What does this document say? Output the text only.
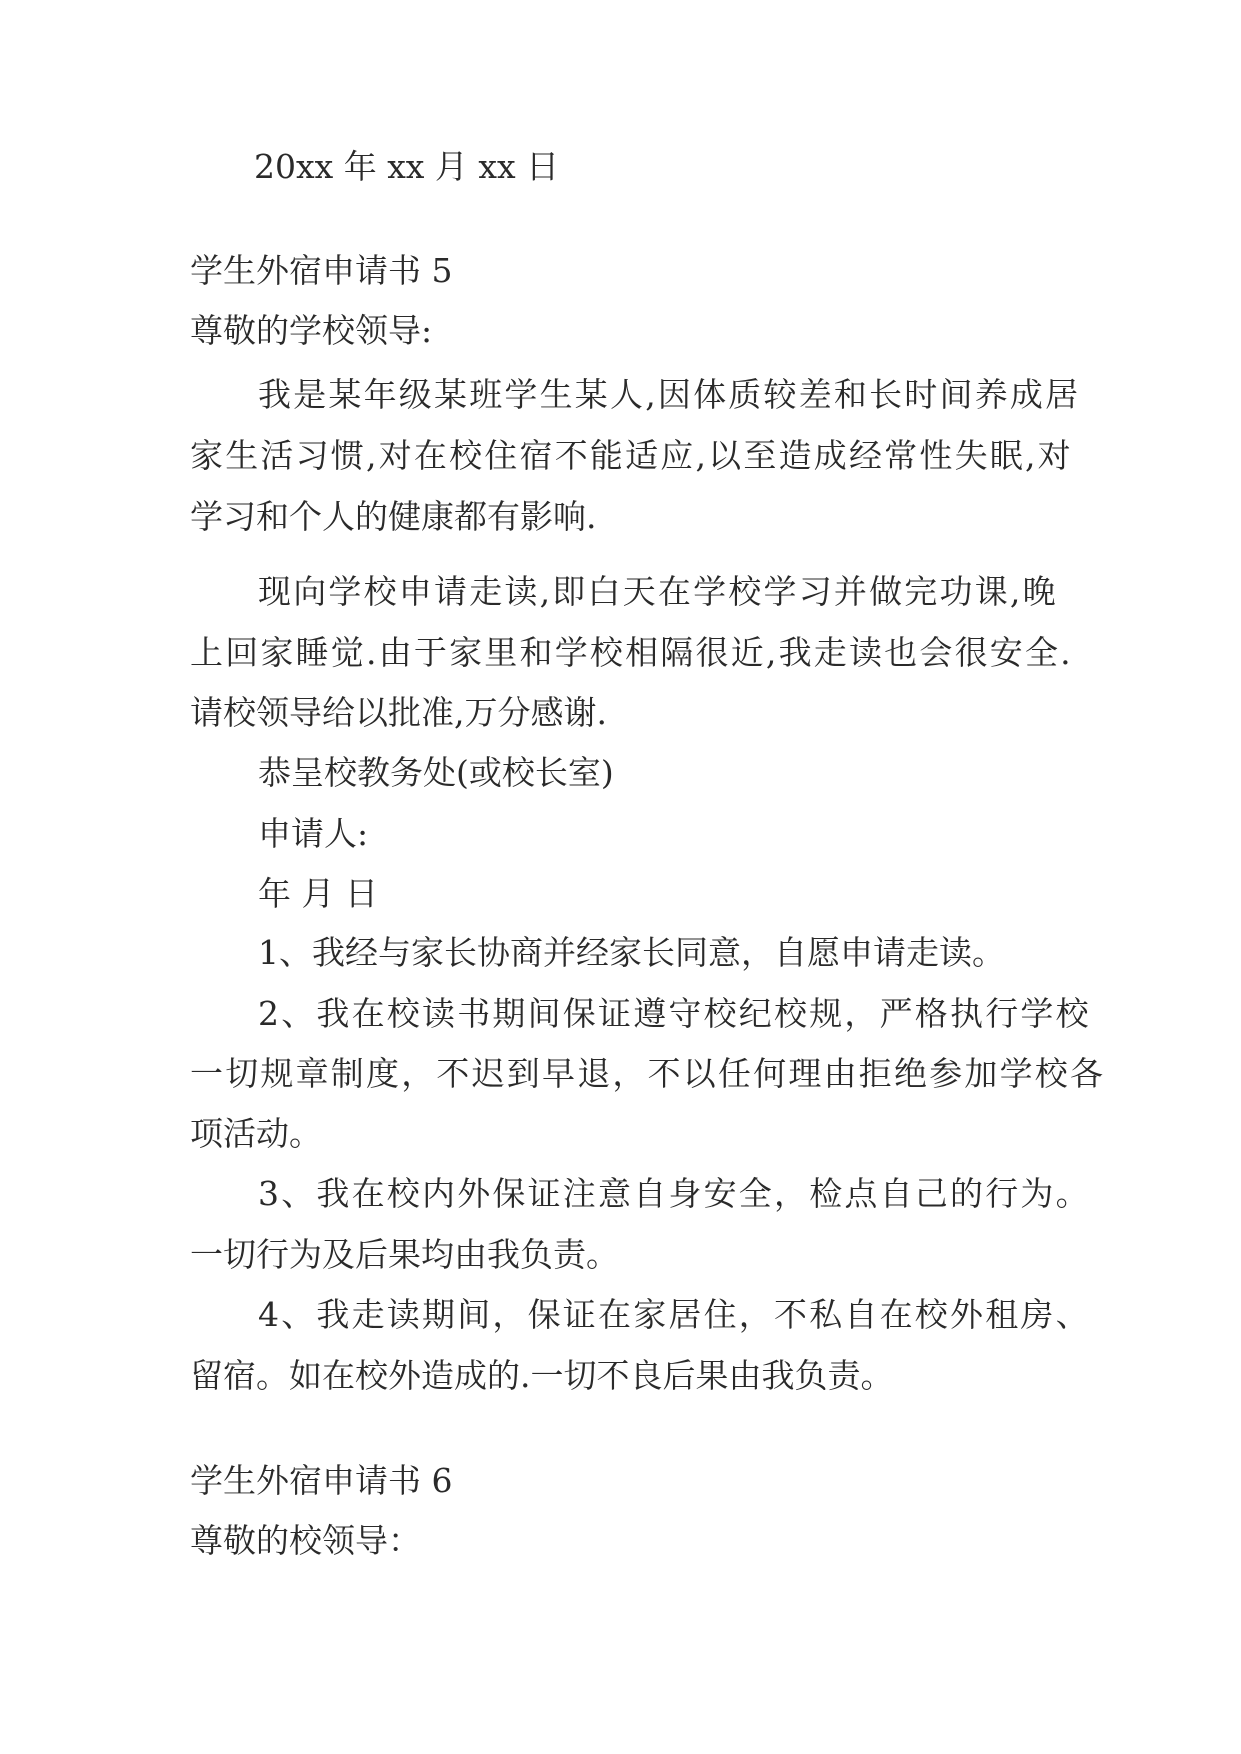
20xx 年 xx 月 xx 日
学生外宿申请书 5
尊敬的学校领导:
我是某年级某班学生某人,因体质较差和长时间养成居
家生活习惯,对在校住宿不能适应,以至造成经常性失眠,对
学习和个人的健康都有影响.
现向学校申请走读,即白天在学校学习并做完功课,晚
上回家睡觉.由于家里和学校相隔很近,我走读也会很安全.
请校领导给以批准,万分感谢.
恭呈校教务处(或校长室)
申请人:
年 月 日
1、我经与家长协商并经家长同意，自愿申请走读。
2、我在校读书期间保证遵守校纪校规，严格执行学校
一切规章制度，不迟到早退，不以任何理由拒绝参加学校各
项活动。
3、我在校内外保证注意自身安全，检点自己的行为。
一切行为及后果均由我负责。
4、我走读期间，保证在家居住，不私自在校外租房、
留宿。如在校外造成的.一切不良后果由我负责。
学生外宿申请书 6
尊敬的校领导：
